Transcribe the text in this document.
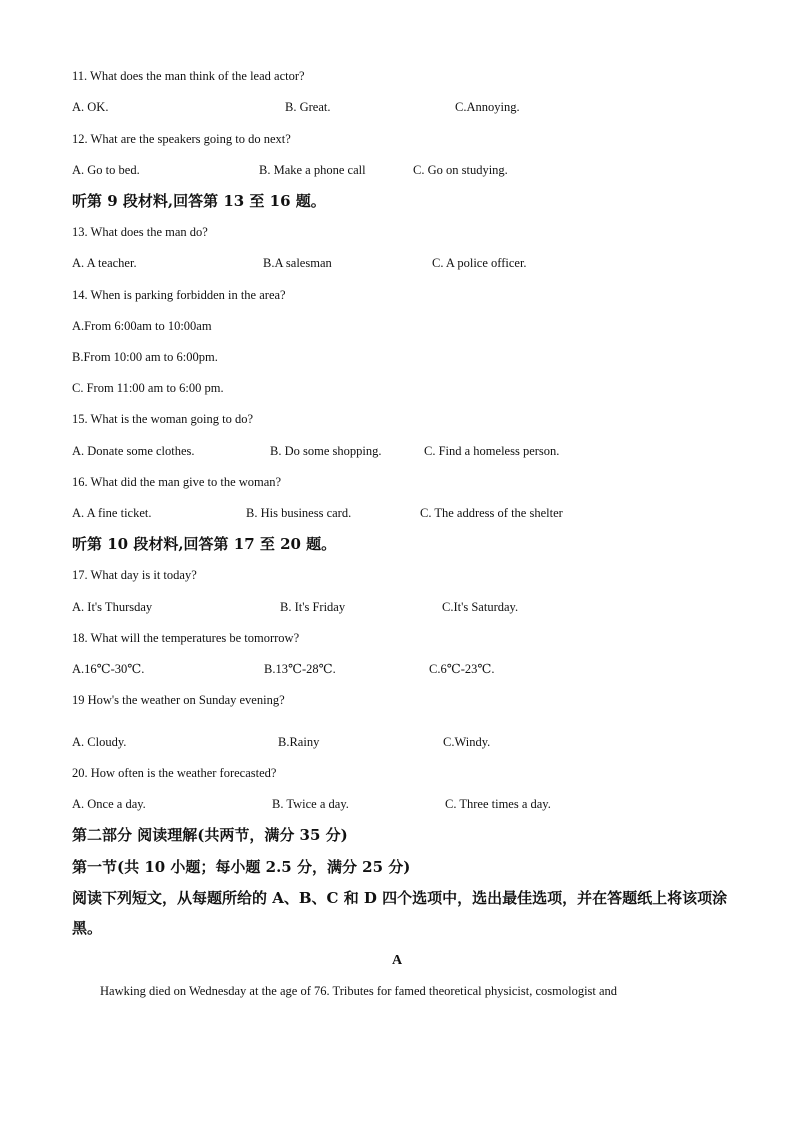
11. What does the man think of the lead actor?
A. OK.	B. Great.	C.Annoying.
12. What are the speakers going to do next?
A. Go to bed.	B. Make a phone call	C. Go on studying.
听第 9 段材料,回答第 13 至 16 题。
13. What does the man do?
A. A teacher.	B.A salesman	C. A police officer.
14. When is parking forbidden in the area?
A.From 6:00am to 10:00am
B.From 10:00 am to 6:00pm.
C. From 11:00 am to 6:00 pm.
15. What is the woman going to do?
A. Donate some clothes.	B. Do some shopping.	C. Find a homeless person.
16. What did the man give to the woman?
A. A fine ticket.	B. His business card.	C. The address of the shelter
听第 10 段材料,回答第 17 至 20 题。
17. What day is it today?
A. It's Thursday	B. It's Friday	C.It's Saturday.
18. What will the temperatures be tomorrow?
A.16℃-30℃.	B.13℃-28℃.	C.6℃-23℃.
19 How's the weather on Sunday evening?
A. Cloudy.	B.Rainy	C.Windy.
20. How often is the weather forecasted?
A. Once a day.	B. Twice a day.	C. Three times a day.
第二部分 阅读理解(共两节，满分 35 分)
第一节(共 10 小题；每小题 2.5 分，满分 25 分)
阅读下列短文，从每题所给的 A、B、C 和 D 四个选项中，选出最佳选项，并在答题纸上将该项涂黑。
A
Hawking died on Wednesday at the age of 76. Tributes for famed theoretical physicist, cosmologist and
